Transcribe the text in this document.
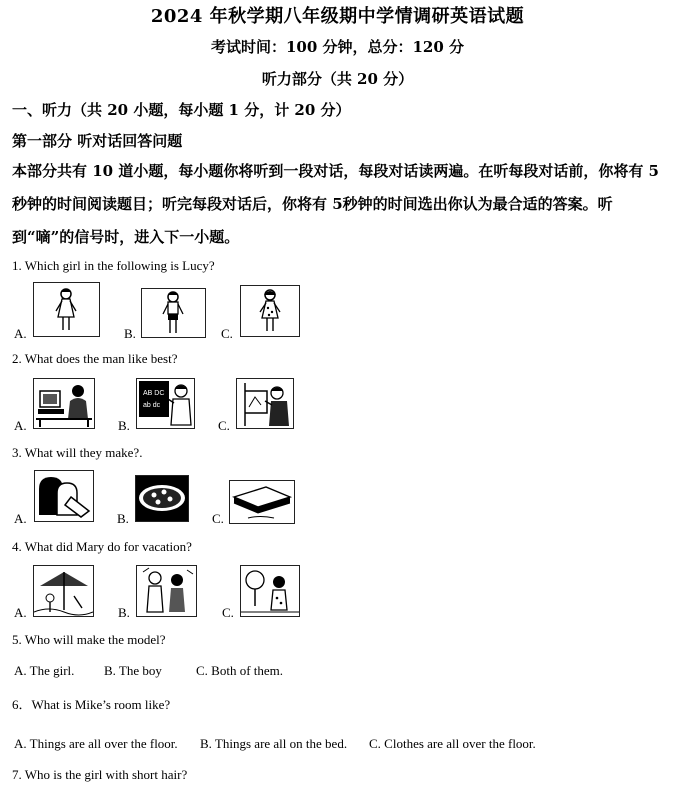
2024 年秋学期八年级期中学情调研英语试题
考试时间：100 分钟，总分：120 分
听力部分（共 20 分）
一、听力（共 20 小题，每小题 1 分，计 20 分）
第一部分 听对话回答问题
本部分共有 10 道小题，每小题你将听到一段对话，每段对话读两遍。在听每段对话前，你将有 5 秒钟的时间阅读题目；听完每段对话后，你将有 5秒钟的时间选出你认为最合适的答案。听到“嘀”的信号时，进入下一小题。
1. Which girl in the following is Lucy?
A.	B.	C.
2. What does the man like best?
A.	B.
AB DC
ab dc
C.
3. What will they make?.
A.	B.	C.
4. What did Mary do for vacation?
A.	B.	C.
5. Who will make the model?
A. The girl. B. The boy	C. Both of them.
6．What is Mike’s room like?
A. Things are all over the floor. B. Things are all on the bed. C. Clothes are all over the floor.
7. Who is the girl with short hair?
